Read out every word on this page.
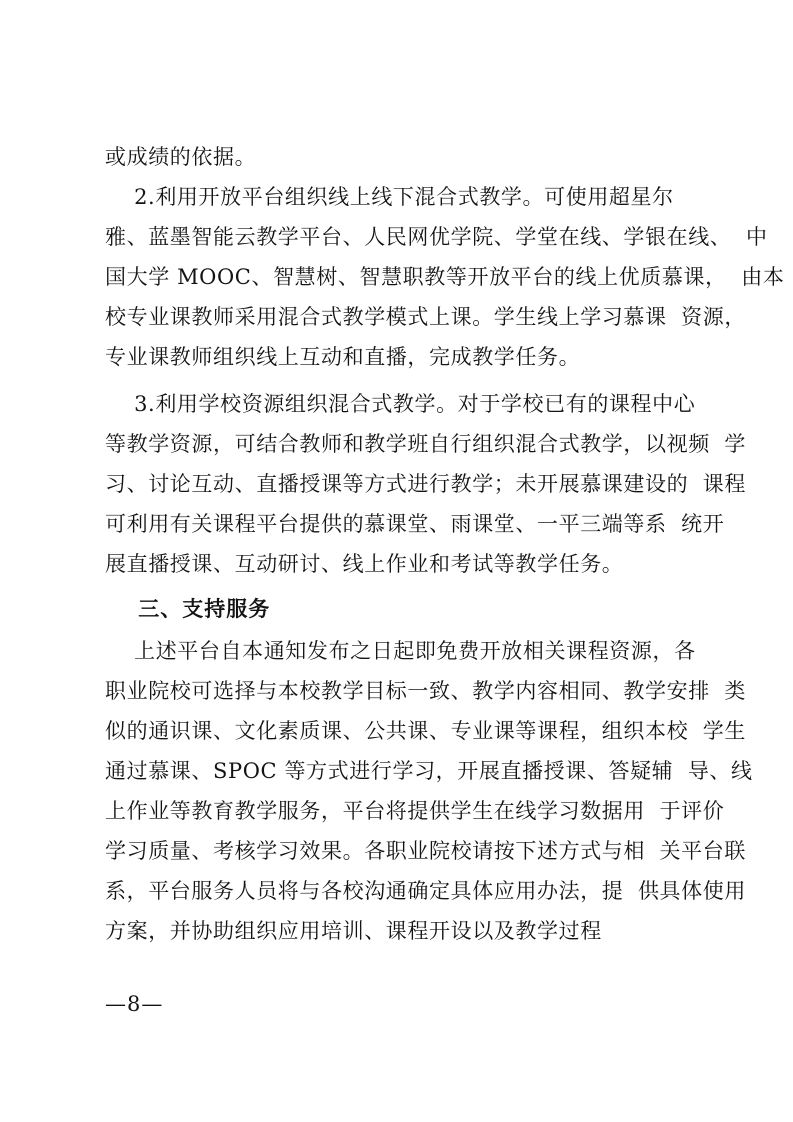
或成绩的依据。
2.利用开放平台组织线上线下混合式教学。可使用超星尔
雅、蓝墨智能云教学平台、人民网优学院、学堂在线、学银在线、  中
国大学 MOOC、智慧树、智慧职教等开放平台的线上优质慕课，  由本
校专业课教师采用混合式教学模式上课。学生线上学习慕课  资源，
专业课教师组织线上互动和直播，完成教学任务。
3.利用学校资源组织混合式教学。对于学校已有的课程中心
等教学资源，可结合教师和教学班自行组织混合式教学，以视频  学
习、讨论互动、直播授课等方式进行教学；未开展慕课建设的  课程
可利用有关课程平台提供的慕课堂、雨课堂、一平三端等系  统开
展直播授课、互动研讨、线上作业和考试等教学任务。
三、支持服务
上述平台自本通知发布之日起即免费开放相关课程资源，各
职业院校可选择与本校教学目标一致、教学内容相同、教学安排  类
似的通识课、文化素质课、公共课、专业课等课程，组织本校  学生
通过慕课、SPOC 等方式进行学习，开展直播授课、答疑辅  导、线
上作业等教育教学服务，平台将提供学生在线学习数据用  于评价
学习质量、考核学习效果。各职业院校请按下述方式与相  关平台联
系，平台服务人员将与各校沟通确定具体应用办法，提  供具体使用
方案，并协助组织应用培训、课程开设以及教学过程
—8—
